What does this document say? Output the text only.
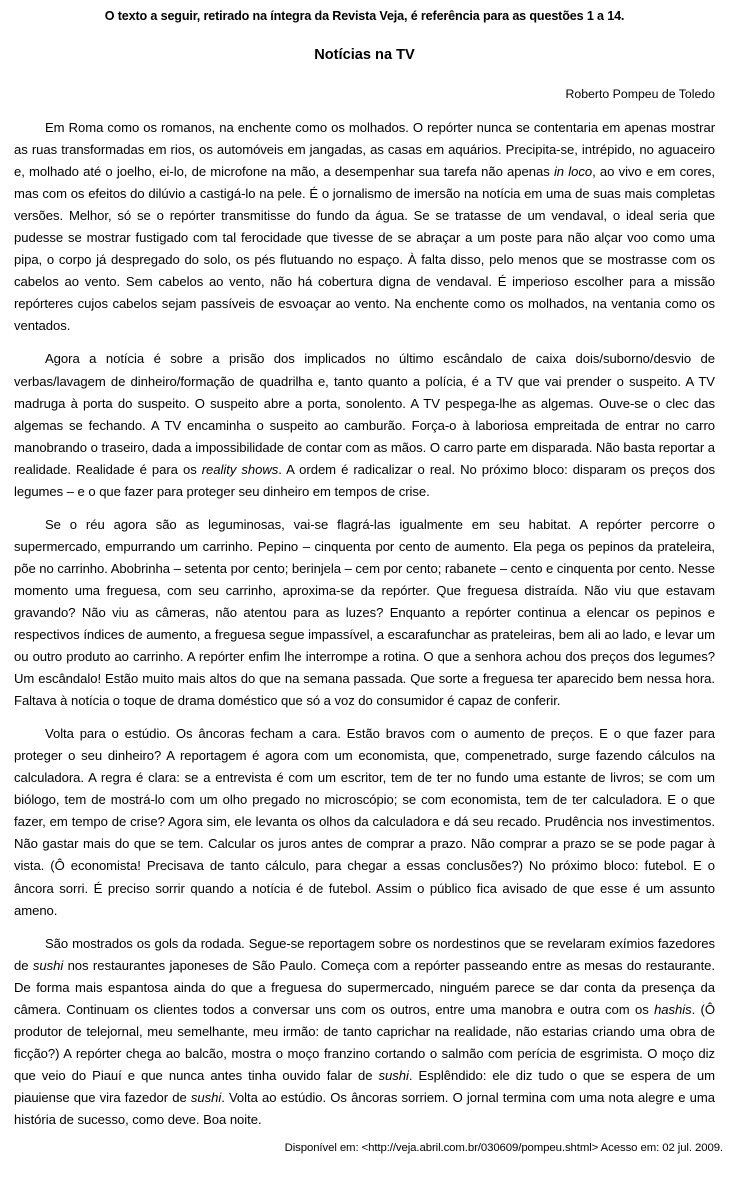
O texto a seguir, retirado na íntegra da Revista Veja, é referência para as questões 1 a 14.

Notícias na TV

Roberto Pompeu de Toledo

Em Roma como os romanos, na enchente como os molhados. O repórter nunca se contentaria em apenas mostrar as ruas transformadas em rios, os automóveis em jangadas, as casas em aquários. Precipita-se, intrépido, no aguaceiro e, molhado até o joelho, ei-lo, de microfone na mão, a desempenhar sua tarefa não apenas in loco, ao vivo e em cores, mas com os efeitos do dilúvio a castigá-lo na pele. É o jornalismo de imersão na notícia em uma de suas mais completas versões. Melhor, só se o repórter transmitisse do fundo da água. Se se tratasse de um vendaval, o ideal seria que pudesse se mostrar fustigado com tal ferocidade que tivesse de se abraçar a um poste para não alçar voo como uma pipa, o corpo já despregado do solo, os pés flutuando no espaço. À falta disso, pelo menos que se mostrasse com os cabelos ao vento. Sem cabelos ao vento, não há cobertura digna de vendaval. É imperioso escolher para a missão repórteres cujos cabelos sejam passíveis de esvoaçar ao vento. Na enchente como os molhados, na ventania como os ventados.

Agora a notícia é sobre a prisão dos implicados no último escândalo de caixa dois/suborno/desvio de verbas/lavagem de dinheiro/formação de quadrilha e, tanto quanto a polícia, é a TV que vai prender o suspeito. A TV madruga à porta do suspeito. O suspeito abre a porta, sonolento. A TV pespega-lhe as algemas. Ouve-se o clec das algemas se fechando. A TV encaminha o suspeito ao camburão. Força-o à laboriosa empreitada de entrar no carro manobrando o traseiro, dada a impossibilidade de contar com as mãos. O carro parte em disparada. Não basta reportar a realidade. Realidade é para os reality shows. A ordem é radicalizar o real. No próximo bloco: disparam os preços dos legumes – e o que fazer para proteger seu dinheiro em tempos de crise.

Se o réu agora são as leguminosas, vai-se flagrá-las igualmente em seu habitat. A repórter percorre o supermercado, empurrando um carrinho. Pepino – cinquenta por cento de aumento. Ela pega os pepinos da prateleira, põe no carrinho. Abobrinha – setenta por cento; berinjela – cem por cento; rabanete – cento e cinquenta por cento. Nesse momento uma freguesa, com seu carrinho, aproxima-se da repórter. Que freguesa distraída. Não viu que estavam gravando? Não viu as câmeras, não atentou para as luzes? Enquanto a repórter continua a elencar os pepinos e respectivos índices de aumento, a freguesa segue impassível, a escarafunchar as prateleiras, bem ali ao lado, e levar um ou outro produto ao carrinho. A repórter enfim lhe interrompe a rotina. O que a senhora achou dos preços dos legumes? Um escândalo! Estão muito mais altos do que na semana passada. Que sorte a freguesa ter aparecido bem nessa hora. Faltava à notícia o toque de drama doméstico que só a voz do consumidor é capaz de conferir.

Volta para o estúdio. Os âncoras fecham a cara. Estão bravos com o aumento de preços. E o que fazer para proteger o seu dinheiro? A reportagem é agora com um economista, que, compenetrado, surge fazendo cálculos na calculadora. A regra é clara: se a entrevista é com um escritor, tem de ter no fundo uma estante de livros; se com um biólogo, tem de mostrá-lo com um olho pregado no microscópio; se com economista, tem de ter calculadora. E o que fazer, em tempo de crise? Agora sim, ele levanta os olhos da calculadora e dá seu recado. Prudência nos investimentos. Não gastar mais do que se tem. Calcular os juros antes de comprar a prazo. Não comprar a prazo se se pode pagar à vista. (Ô economista! Precisava de tanto cálculo, para chegar a essas conclusões?) No próximo bloco: futebol. E o âncora sorri. É preciso sorrir quando a notícia é de futebol. Assim o público fica avisado de que esse é um assunto ameno.

São mostrados os gols da rodada. Segue-se reportagem sobre os nordestinos que se revelaram exímios fazedores de sushi nos restaurantes japoneses de São Paulo. Começa com a repórter passeando entre as mesas do restaurante. De forma mais espantosa ainda do que a freguesa do supermercado, ninguém parece se dar conta da presença da câmera. Continuam os clientes todos a conversar uns com os outros, entre uma manobra e outra com os hashis. (Ô produtor de telejornal, meu semelhante, meu irmão: de tanto caprichar na realidade, não estarias criando uma obra de ficção?) A repórter chega ao balcão, mostra o moço franzino cortando o salmão com perícia de esgrimista. O moço diz que veio do Piauí e que nunca antes tinha ouvido falar de sushi. Esplêndido: ele diz tudo o que se espera de um piauiense que vira fazedor de sushi. Volta ao estúdio. Os âncoras sorriem. O jornal termina com uma nota alegre e uma história de sucesso, como deve. Boa noite.

Disponível em: <http://veja.abril.com.br/030609/pompeu.shtml> Acesso em: 02 jul. 2009.
